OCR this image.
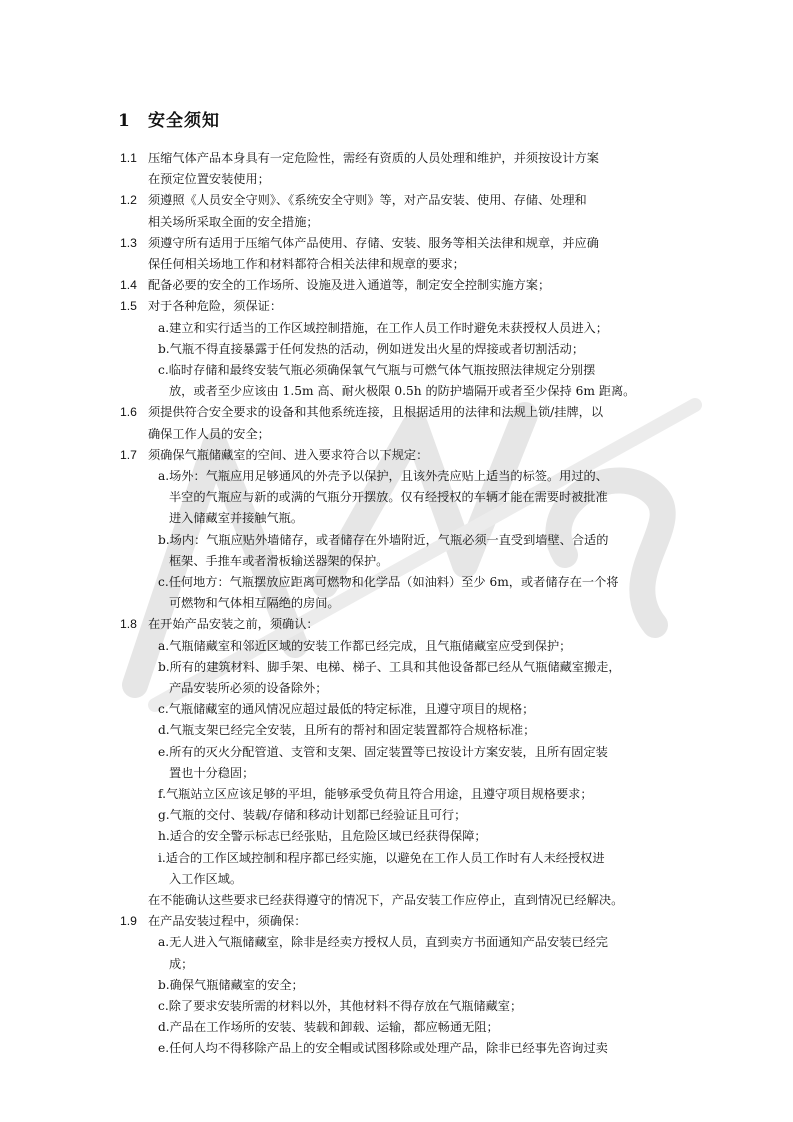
1 安全须知
1.1 压缩气体产品本身具有一定危险性，需经有资质的人员处理和维护，并须按设计方案
在预定位置安装使用；
1.2 须遵照《人员安全守则》、《系统安全守则》等，对产品安装、使用、存储、处理和
相关场所采取全面的安全措施；
1.3 须遵守所有适用于压缩气体产品使用、存储、安装、服务等相关法律和规章，并应确
保任何相关场地工作和材料都符合相关法律和规章的要求；
1.4 配备必要的安全的工作场所、设施及进入通道等，制定安全控制实施方案；
1.5 对于各种危险，须保证：
a.建立和实行适当的工作区域控制措施，在工作人员工作时避免未获授权人员进入；
b.气瓶不得直接暴露于任何发热的活动，例如迸发出火星的焊接或者切割活动；
c.临时存储和最终安装气瓶必须确保氧气气瓶与可燃气体气瓶按照法律规定分别摆
放，或者至少应该由 1.5m 高、耐火极限 0.5h 的防护墙隔开或者至少保持 6m 距离。
1.6 须提供符合安全要求的设备和其他系统连接，且根据适用的法律和法规上锁/挂牌，以
确保工作人员的安全；
1.7 须确保气瓶储藏室的空间、进入要求符合以下规定：
a.场外：气瓶应用足够通风的外壳予以保护，且该外壳应贴上适当的标签。用过的、
半空的气瓶应与新的或满的气瓶分开摆放。仅有经授权的车辆才能在需要时被批准
进入储藏室并接触气瓶。
b.场内：气瓶应贴外墙储存，或者储存在外墙附近，气瓶必须一直受到墙壁、合适的
框架、手推车或者滑板输送器架的保护。
c.任何地方：气瓶摆放应距离可燃物和化学品（如油料）至少 6m，或者储存在一个将
可燃物和气体相互隔绝的房间。
1.8 在开始产品安装之前，须确认：
a.气瓶储藏室和邻近区域的安装工作都已经完成，且气瓶储藏室应受到保护；
b.所有的建筑材料、脚手架、电梯、梯子、工具和其他设备都已经从气瓶储藏室搬走，
产品安装所必须的设备除外；
c.气瓶储藏室的通风情况应超过最低的特定标准，且遵守项目的规格；
d.气瓶支架已经完全安装，且所有的帮衬和固定装置都符合规格标准；
e.所有的灭火分配管道、支管和支架、固定装置等已按设计方案安装，且所有固定装
置也十分稳固；
f.气瓶站立区应该足够的平坦，能够承受负荷且符合用途，且遵守项目规格要求；
g.气瓶的交付、装载/存储和移动计划都已经验证且可行；
h.适合的安全警示标志已经张贴，且危险区域已经获得保障；
i.适合的工作区域控制和程序都已经实施，以避免在工作人员工作时有人未经授权进
入工作区域。
在不能确认这些要求已经获得遵守的情况下，产品安装工作应停止，直到情况已经解决。
1.9 在产品安装过程中，须确保：
a.无人进入气瓶储藏室，除非是经卖方授权人员，直到卖方书面通知产品安装已经完
成；
b.确保气瓶储藏室的安全；
c.除了要求安装所需的材料以外，其他材料不得存放在气瓶储藏室；
d.产品在工作场所的安装、装载和卸载、运输，都应畅通无阻；
e.任何人均不得移除产品上的安全帽或试图移除或处理产品，除非已经事先咨询过卖
